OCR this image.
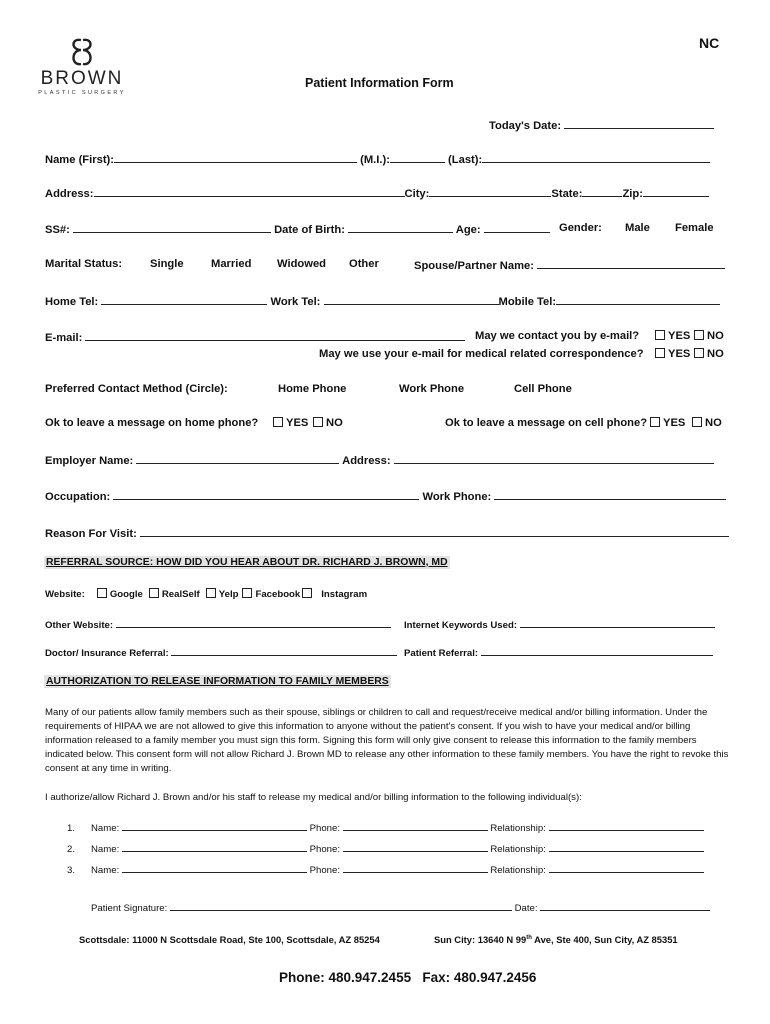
NC
BROWN
PLASTIC SURGERY
Patient Information Form
Today's Date:
Name (First):	(M.I.):	(Last):
Address:	City:	State:	Zip:
SS#:	Date of Birth:	Age:	Gender: Male Female
Marital Status: Single Married Widowed Other	Spouse/Partner Name:
Home Tel:	Work Tel:	Mobile Tel:
E-mail:	May we contact you by e-mail?	YES	NO
May we use your e-mail for medical related correspondence?	YES	NO
Preferred Contact Method (Circle):	Home Phone	Work Phone	Cell Phone
Ok to leave a message on home phone?	YES	NO	Ok to leave a message on cell phone?	YES	NO
Employer Name:	Address:
Occupation:	Work Phone:
Reason For Visit:
REFERRAL SOURCE: HOW DID YOU HEAR ABOUT DR. RICHARD J. BROWN, MD
Website:	Google RealSelf Yelp Facebook Instagram
Other Website:	Internet Keywords Used:
Doctor/ Insurance Referral:	Patient Referral:
AUTHORIZATION TO RELEASE INFORMATION TO FAMILY MEMBERS
Many of our patients allow family members such as their spouse, siblings or children to call and request/receive medical and/or billing information. Under the requirements of HIPAA we are not allowed to give this information to anyone without the patient's consent. If you wish to have your medical and/or billing information released to a family member you must sign this form. Signing this form will only give consent to release this information to the family members indicated below. This consent form will not allow Richard J. Brown MD to release any other information to these family members. You have the right to revoke this consent at any time in writing.
I authorize/allow Richard J. Brown and/or his staff to release my medical and/or billing information to the following individual(s):
1. Name:	Phone:	Relationship:
2. Name:	Phone:	Relationship:
3. Name:	Phone:	Relationship:
Patient Signature:	Date:
Scottsdale: 11000 N Scottsdale Road, Ste 100, Scottsdale, AZ 85254	Sun City: 13640 N 99th Ave, Ste 400, Sun City, AZ 85351
Phone: 480.947.2455   Fax: 480.947.2456
